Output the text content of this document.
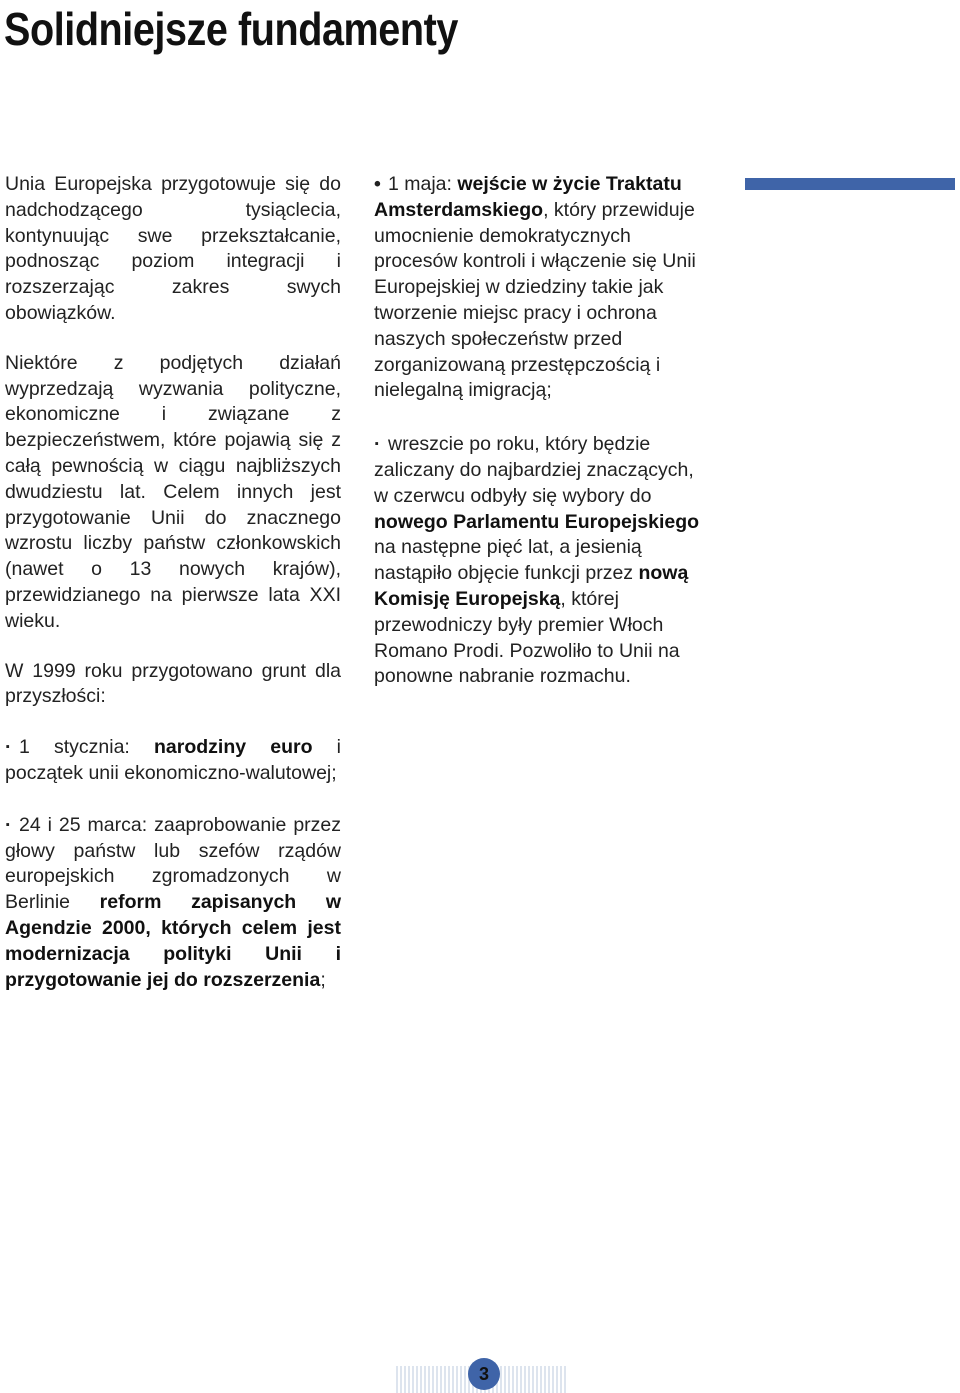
Solidniejsze fundamenty

Unia Europejska przygotowuje się do nadchodzącego tysiąclecia, kontynuując swe przekształcanie, podnosząc poziom integracji i rozszerzając zakres swych obowiązków.

Niektóre z podjętych działań wyprzedzają wyzwania polityczne, ekonomiczne i związane z bezpieczeństwem, które pojawią się z całą pewnością w ciągu najbliższych dwudziestu lat. Celem innych jest przygotowanie Unii do znacznego wzrostu liczby państw członkowskich (nawet o 13 nowych krajów), przewidzianego na pierwsze lata XXI wieku.

W 1999 roku przygotowano grunt dla przyszłości:

· 1 stycznia: narodziny euro i początek unii ekonomiczno-walutowej;

· 24 i 25 marca: zaaprobowanie przez głowy państw lub szefów rządów europejskich zgromadzonych w Berlinie reform zapisanych w Agendzie 2000, których celem jest modernizacja polityki Unii i przygotowanie jej do rozszerzenia;

• 1 maja: wejście w życie Traktatu Amsterdamskiego, który przewiduje umocnienie demokratycznych procesów kontroli i włączenie się Unii Europejskiej w dziedziny takie jak tworzenie miejsc pracy i ochrona naszych społeczeństw przed zorganizowaną przestępczością i nielegalną imigracją;

· wreszcie po roku, który będzie zaliczany do najbardziej znaczących, w czerwcu odbyły się wybory do nowego Parlamentu Europejskiego na następne pięć lat, a jesienią nastąpiło objęcie funkcji przez nową Komisję Europejską, której przewodniczy były premier Włoch Romano Prodi. Pozwoliło to Unii na ponowne nabranie rozmachu.

3
